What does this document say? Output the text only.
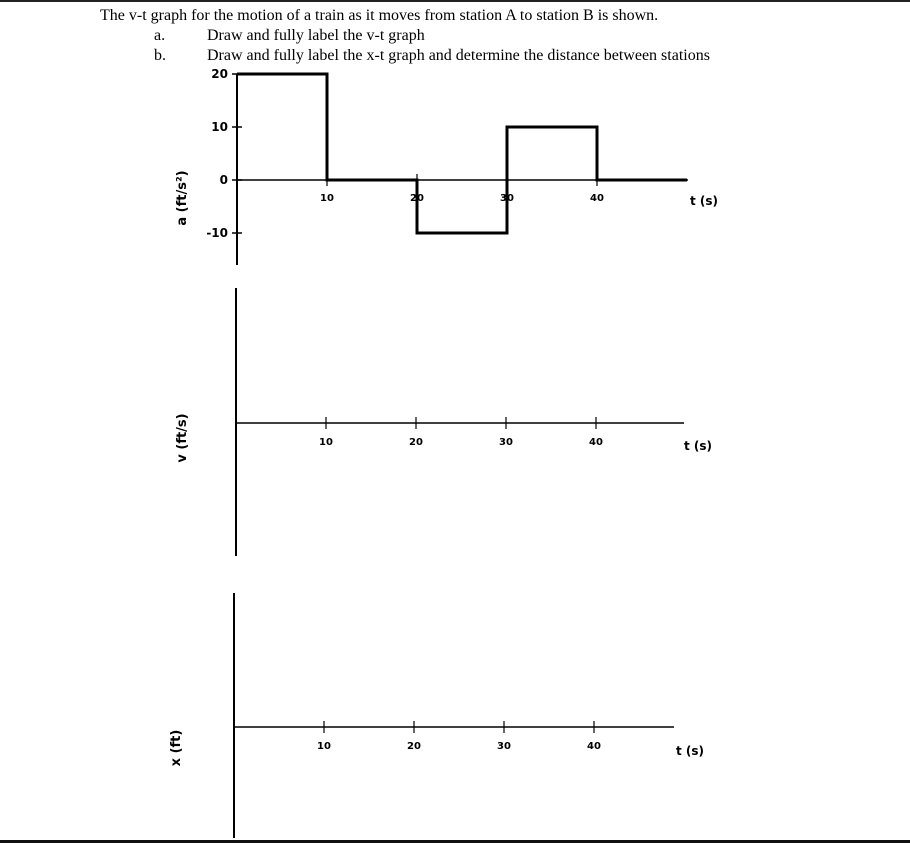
The v-t graph for the motion of a train as it moves from station A to station B is shown.
a.	Draw and fully label the v-t graph
b.	Draw and fully label the x-t graph and determine the distance between stations
20
10
0
-10
10	20	30	40
a (ft/s²)	t (s)
10	20	30	40
v (ft/s)	t (s)
10	20	30	40
x (ft)	t (s)
